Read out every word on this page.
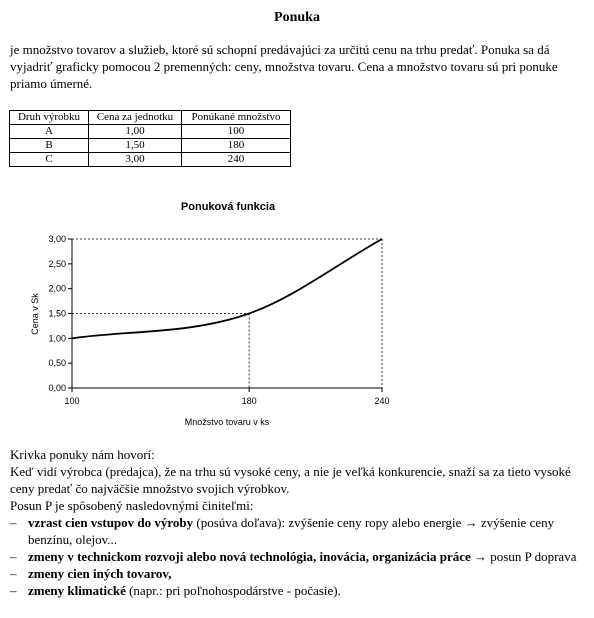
Ponuka
je množstvo tovarov a služieb, ktoré sú schopní predávajúci za určitú cenu na trhu predať. Ponuka sa dá vyjadriť graficky pomocou 2 premenných: ceny, množstva tovaru. Cena a množstvo tovaru sú pri ponuke priamo úmerné.
Druh výrobku	Cena za jednotku	Ponúkané množstvo
A	1,00	100
B	1,50	180
C	3,00	240
Ponuková funkcia
0,00
0,50
1,00
1,50
2,00
2,50
3,00
100	180	240
Množstvo tovaru v ks
Cena v Sk

Krivka ponuky nám hovorí:

Keď vidí výrobca (predajca), že na trhu sú vysoké ceny, a nie je veľká konkurencie, snaží sa za tieto vysoké ceny predať čo najväčšie množstvo svojich výrobkov.

Posun P je spôsobený nasledovnými činiteľmi:

– vzrast cien vstupov do výroby (posúva doľava): zvýšenie ceny ropy alebo energie → zvýšenie ceny benzínu, olejov...
– zmeny v technickom rozvoji alebo nová technológia, inovácia, organizácia práce → posun P doprava
– zmeny cien iných tovarov,
– zmeny klimatické (napr.: pri poľnohospodárstve - počasie).
